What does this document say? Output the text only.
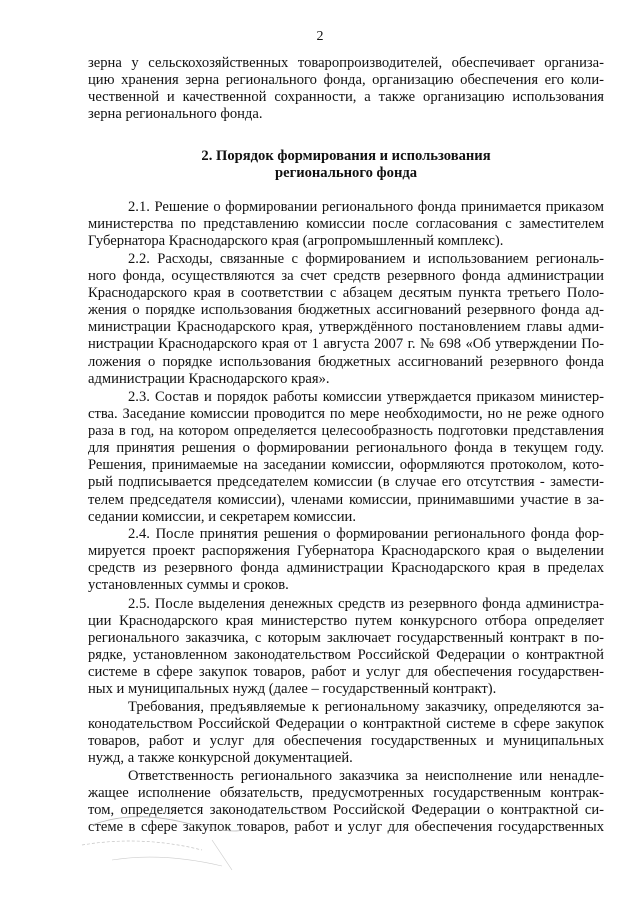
2
зерна у сельскохозяйственных товаропроизводителей, обеспечивает организа-
цию хранения зерна регионального фонда, организацию обеспечения его коли-
чественной и качественной сохранности, а также организацию использования
зерна регионального фонда.
2. Порядок формирования и использования
регионального фонда
2.1. Решение о формировании регионального фонда принимается приказом
министерства по представлению комиссии после согласования с заместителем
Губернатора Краснодарского края (агропромышленный комплекс).
2.2. Расходы, связанные с формированием и использованием региональ-
ного фонда, осуществляются за счет средств резервного фонда администрации
Краснодарского края в соответствии с абзацем десятым пункта третьего Поло-
жения о порядке использования бюджетных ассигнований резервного фонда ад-
министрации Краснодарского края, утверждённого постановлением главы адми-
нистрации Краснодарского края от 1 августа 2007 г. № 698 «Об утверждении По-
ложения о порядке использования бюджетных ассигнований резервного фонда
администрации Краснодарского края».
2.3. Состав и порядок работы комиссии утверждается приказом министер-
ства. Заседание комиссии проводится по мере необходимости, но не реже одного
раза в год, на котором определяется целесообразность подготовки представления
для принятия решения о формировании регионального фонда в текущем году.
Решения, принимаемые на заседании комиссии, оформляются протоколом, кото-
рый подписывается председателем комиссии (в случае его отсутствия - замести-
телем председателя комиссии), членами комиссии, принимавшими участие в за-
седании комиссии, и секретарем комиссии.
2.4. После принятия решения о формировании регионального фонда фор-
мируется проект распоряжения Губернатора Краснодарского края о выделении
средств из резервного фонда администрации Краснодарского края в пределах
установленных суммы и сроков.
2.5. После выделения денежных средств из резервного фонда администра-
ции Краснодарского края министерство путем конкурсного отбора определяет
регионального заказчика, с которым заключает государственный контракт в по-
рядке, установленном законодательством Российской Федерации о контрактной
системе в сфере закупок товаров, работ и услуг для обеспечения государствен-
ных и муниципальных нужд (далее – государственный контракт).
Требования, предъявляемые к региональному заказчику, определяются за-
конодательством Российской Федерации о контрактной системе в сфере закупок
товаров, работ и услуг для обеспечения государственных и муниципальных
нужд, а также конкурсной документацией.
Ответственность регионального заказчика за неисполнение или ненадле-
жащее исполнение обязательств, предусмотренных государственным контрак-
том, определяется законодательством Российской Федерации о контрактной си-
стеме в сфере закупок товаров, работ и услуг для обеспечения государственных
